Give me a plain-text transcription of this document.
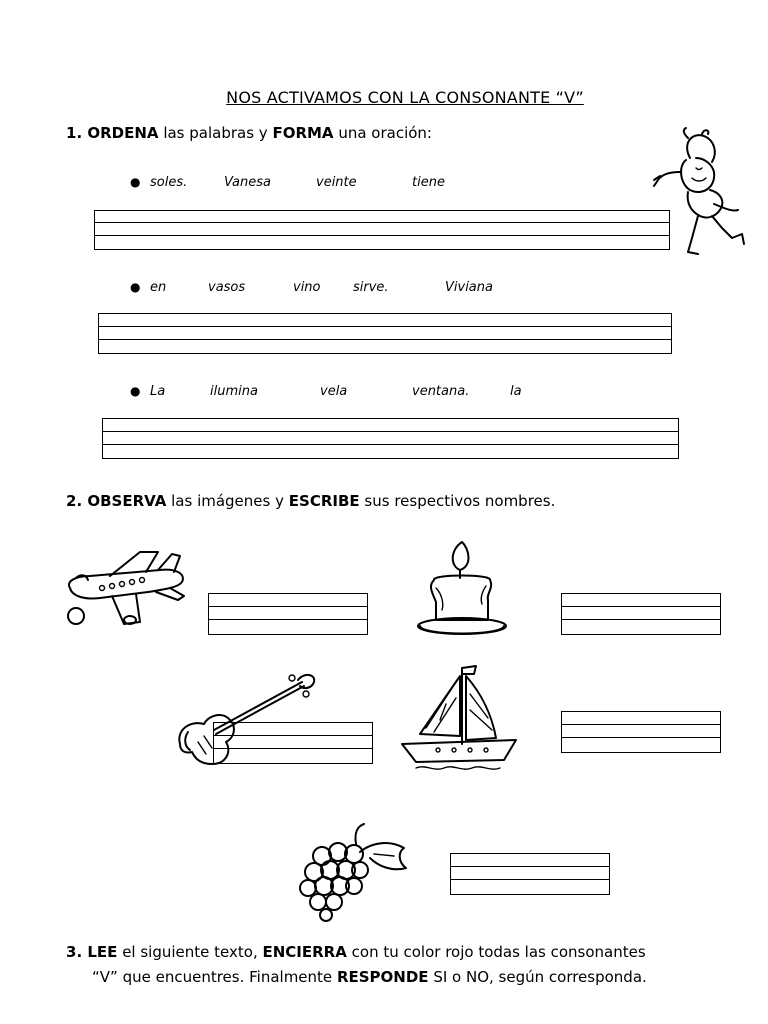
NOS ACTIVAMOS CON LA CONSONANTE “V”
1. ORDENA las palabras y FORMA una oración:
● soles.	Vanesa	veinte	tiene
● en	vasos	vino	sirve.	Viviana
● La	ilumina	vela	ventana.	la
2. OBSERVA las imágenes y ESCRIBE sus respectivos nombres.
3. LEE el siguiente texto, ENCIERRA con tu color rojo todas las consonantes
“V” que encuentres. Finalmente RESPONDE SI o NO, según corresponda.
